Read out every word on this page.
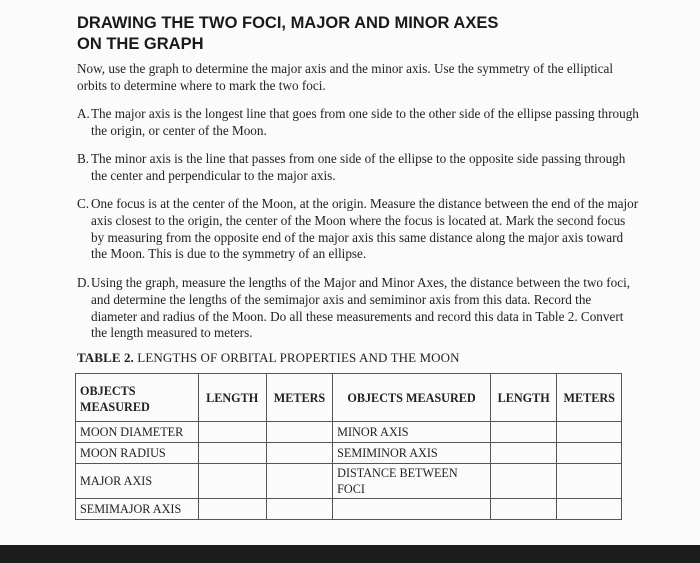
DRAWING THE TWO FOCI, MAJOR AND MINOR AXES
ON THE GRAPH
Now, use the graph to determine the major axis and the minor axis. Use the symmetry of the elliptical orbits to determine where to mark the two foci.
A.The major axis is the longest line that goes from one side to the other side of the ellipse passing through the origin, or center of the Moon.
B. The minor axis is the line that passes from one side of the ellipse to the opposite side passing through the center and perpendicular to the major axis.
C. One focus is at the center of the Moon, at the origin. Measure the distance between the end of the major axis closest to the origin, the center of the Moon where the focus is located at. Mark the second focus by measuring from the opposite end of the major axis this same distance along the major axis toward the Moon. This is due to the symmetry of an ellipse.
D.Using the graph, measure the lengths of the Major and Minor Axes, the distance between the two foci, and determine the lengths of the semimajor axis and semiminor axis from this data. Record the diameter and radius of the Moon. Do all these measurements and record this data in Table 2. Convert the length measured to meters.
TABLE 2. LENGTHS OF ORBITAL PROPERTIES AND THE MOON
OBJECTS MEASURED	LENGTH	METERS	OBJECTS MEASURED	LENGTH	METERS
MOON DIAMETER			MINOR AXIS		
MOON RADIUS			SEMIMINOR AXIS		
MAJOR AXIS			DISTANCE BETWEEN FOCI		
SEMIMAJOR AXIS					
